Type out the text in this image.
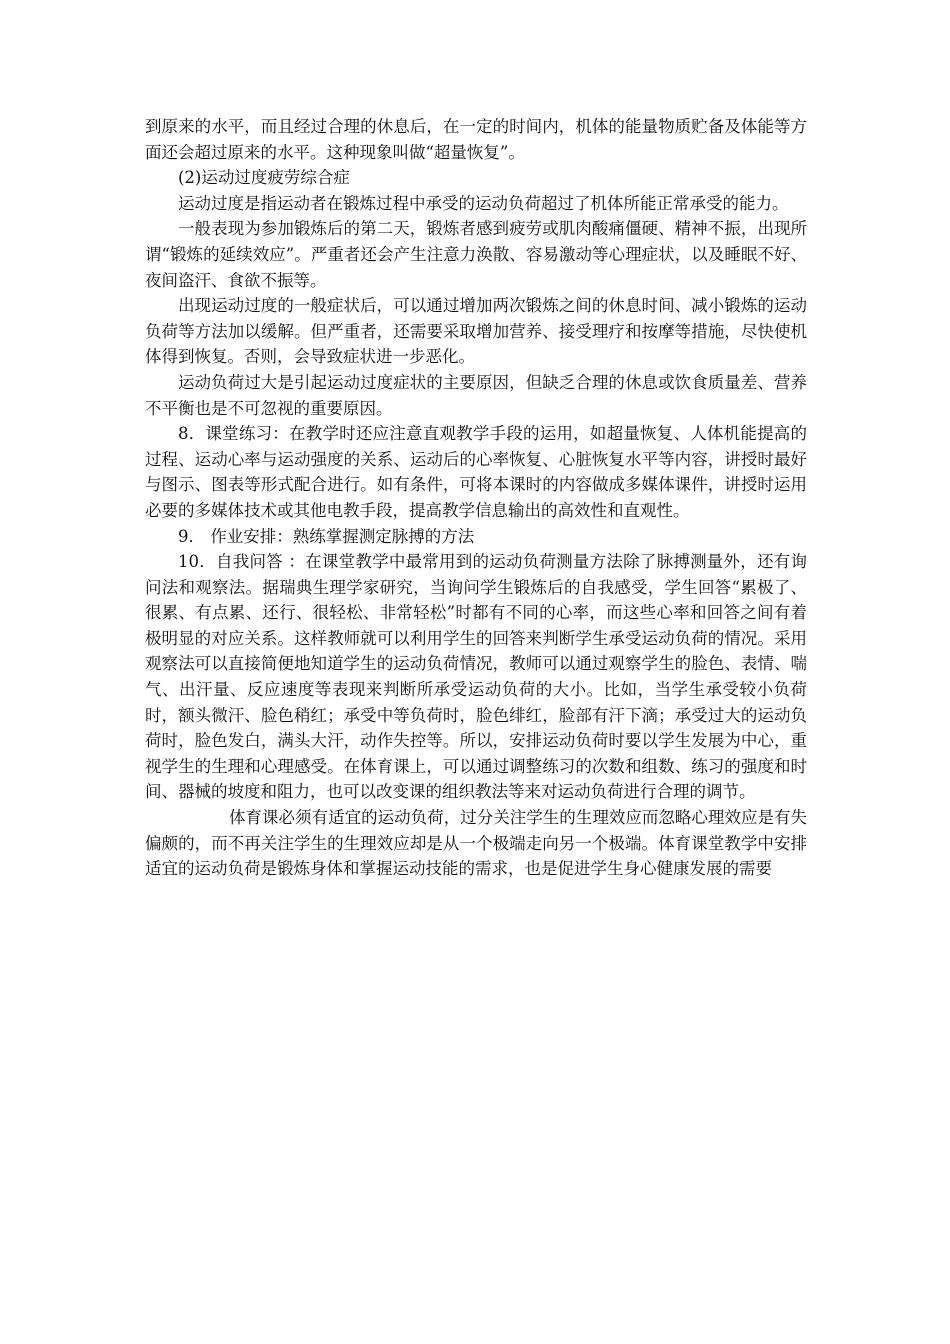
到原来的水平，而且经过合理的休息后，在一定的时间内，机体的能量物质贮备及体能等方面还会超过原来的水平。这种现象叫做“超量恢复”。

(2)运动过度疲劳综合症

运动过度是指运动者在锻炼过程中承受的运动负荷超过了机体所能正常承受的能力。

一般表现为参加锻炼后的第二天，锻炼者感到疲劳或肌肉酸痛僵硬、精神不振，出现所谓“锻炼的延续效应”。严重者还会产生注意力涣散、容易激动等心理症状，以及睡眠不好、夜间盗汗、食欲不振等。

出现运动过度的一般症状后，可以通过增加两次锻炼之间的休息时间、减小锻炼的运动负荷等方法加以缓解。但严重者，还需要采取增加营养、接受理疗和按摩等措施，尽快使机体得到恢复。否则，会导致症状进一步恶化。

运动负荷过大是引起运动过度症状的主要原因，但缺乏合理的休息或饮食质量差、营养不平衡也是不可忽视的重要原因。

8．课堂练习：在教学时还应注意直观教学手段的运用，如超量恢复、人体机能提高的过程、运动心率与运动强度的关系、运动后的心率恢复、心脏恢复水平等内容，讲授时最好与图示、图表等形式配合进行。如有条件，可将本课时的内容做成多媒体课件，讲授时运用必要的多媒体技术或其他电教手段，提高教学信息输出的高效性和直观性。

9． 作业安排：熟练掌握测定脉搏的方法

10．自我问答 ：在课堂教学中最常用到的运动负荷测量方法除了脉搏测量外，还有询问法和观察法。据瑞典生理学家研究，当询问学生锻炼后的自我感受，学生回答“累极了、很累、有点累、还行、很轻松、非常轻松”时都有不同的心率，而这些心率和回答之间有着极明显的对应关系。这样教师就可以利用学生的回答来判断学生承受运动负荷的情况。采用观察法可以直接简便地知道学生的运动负荷情况，教师可以通过观察学生的脸色、表情、喘气、出汗量、反应速度等表现来判断所承受运动负荷的大小。比如，当学生承受较小负荷时，额头微汗、脸色稍红；承受中等负荷时，脸色绯红，脸部有汗下滴；承受过大的运动负荷时，脸色发白，满头大汗，动作失控等。所以，安排运动负荷时要以学生发展为中心，重视学生的生理和心理感受。在体育课上，可以通过调整练习的次数和组数、练习的强度和时间、器械的坡度和阻力，也可以改变课的组织教法等来对运动负荷进行合理的调节。

体育课必须有适宜的运动负荷，过分关注学生的生理效应而忽略心理效应是有失偏颇的，而不再关注学生的生理效应却是从一个极端走向另一个极端。体育课堂教学中安排适宜的运动负荷是锻炼身体和掌握运动技能的需求，也是促进学生身心健康发展的需要
